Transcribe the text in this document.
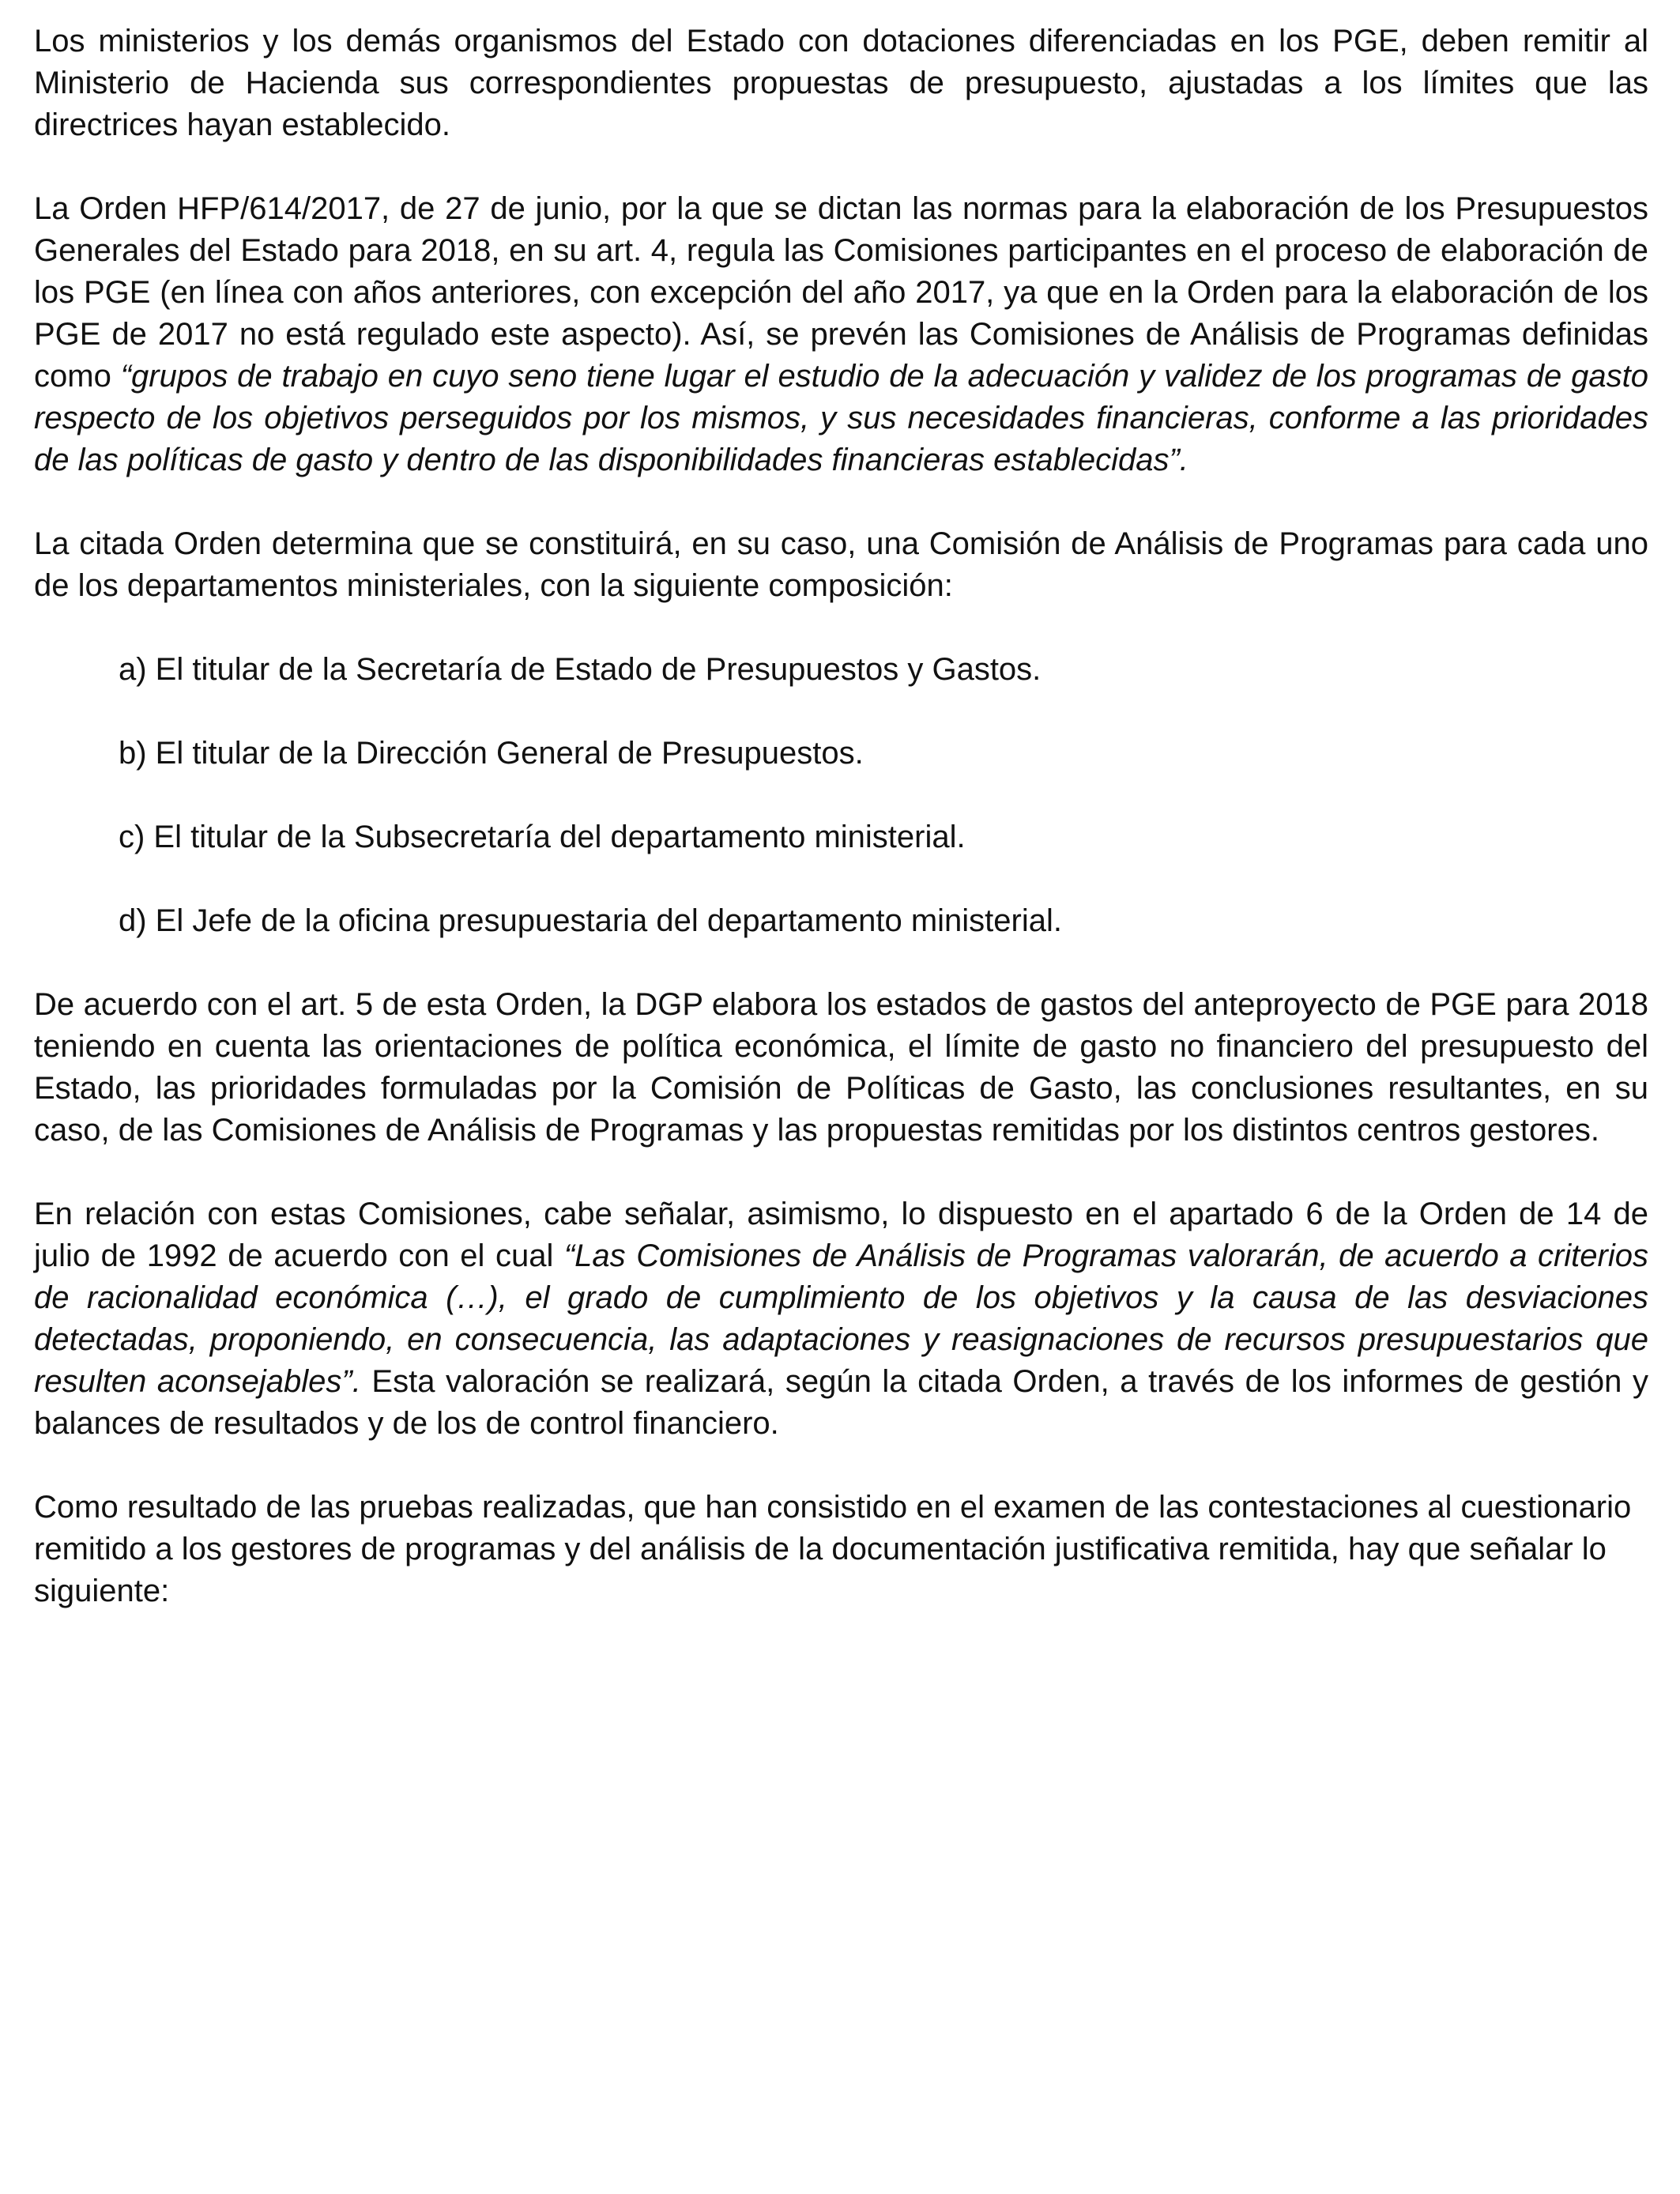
Los ministerios y los demás organismos del Estado con dotaciones diferenciadas en los PGE, deben remitir al Ministerio de Hacienda sus correspondientes propuestas de presupuesto, ajustadas a los límites que las directrices hayan establecido.

La Orden HFP/614/2017, de 27 de junio, por la que se dictan las normas para la elaboración de los Presupuestos Generales del Estado para 2018, en su art. 4, regula las Comisiones participantes en el proceso de elaboración de los PGE (en línea con años anteriores, con excepción del año 2017, ya que en la Orden para la elaboración de los PGE de 2017 no está regulado este aspecto). Así, se prevén las Comisiones de Análisis de Programas definidas como “grupos de trabajo en cuyo seno tiene lugar el estudio de la adecuación y validez de los programas de gasto respecto de los objetivos perseguidos por los mismos, y sus necesidades financieras, conforme a las prioridades de las políticas de gasto y dentro de las disponibilidades financieras establecidas”.

La citada Orden determina que se constituirá, en su caso, una Comisión de Análisis de Programas para cada uno de los departamentos ministeriales, con la siguiente composición:

a) El titular de la Secretaría de Estado de Presupuestos y Gastos.

b) El titular de la Dirección General de Presupuestos.

c) El titular de la Subsecretaría del departamento ministerial.

d) El Jefe de la oficina presupuestaria del departamento ministerial.

De acuerdo con el art. 5 de esta Orden, la DGP elabora los estados de gastos del anteproyecto de PGE para 2018 teniendo en cuenta las orientaciones de política económica, el límite de gasto no financiero del presupuesto del Estado, las prioridades formuladas por la Comisión de Políticas de Gasto, las conclusiones resultantes, en su caso, de las Comisiones de Análisis de Programas y las propuestas remitidas por los distintos centros gestores.

En relación con estas Comisiones, cabe señalar, asimismo, lo dispuesto en el apartado 6 de la Orden de 14 de julio de 1992 de acuerdo con el cual “Las Comisiones de Análisis de Programas valorarán, de acuerdo a criterios de racionalidad económica (…), el grado de cumplimiento de los objetivos y la causa de las desviaciones detectadas, proponiendo, en consecuencia, las adaptaciones y reasignaciones de recursos presupuestarios que resulten aconsejables”. Esta valoración se realizará, según la citada Orden, a través de los informes de gestión y balances de resultados y de los de control financiero.

Como resultado de las pruebas realizadas, que han consistido en el examen de las contestaciones al cuestionario remitido a los gestores de programas y del análisis de la documentación justificativa remitida, hay que señalar lo siguiente:
